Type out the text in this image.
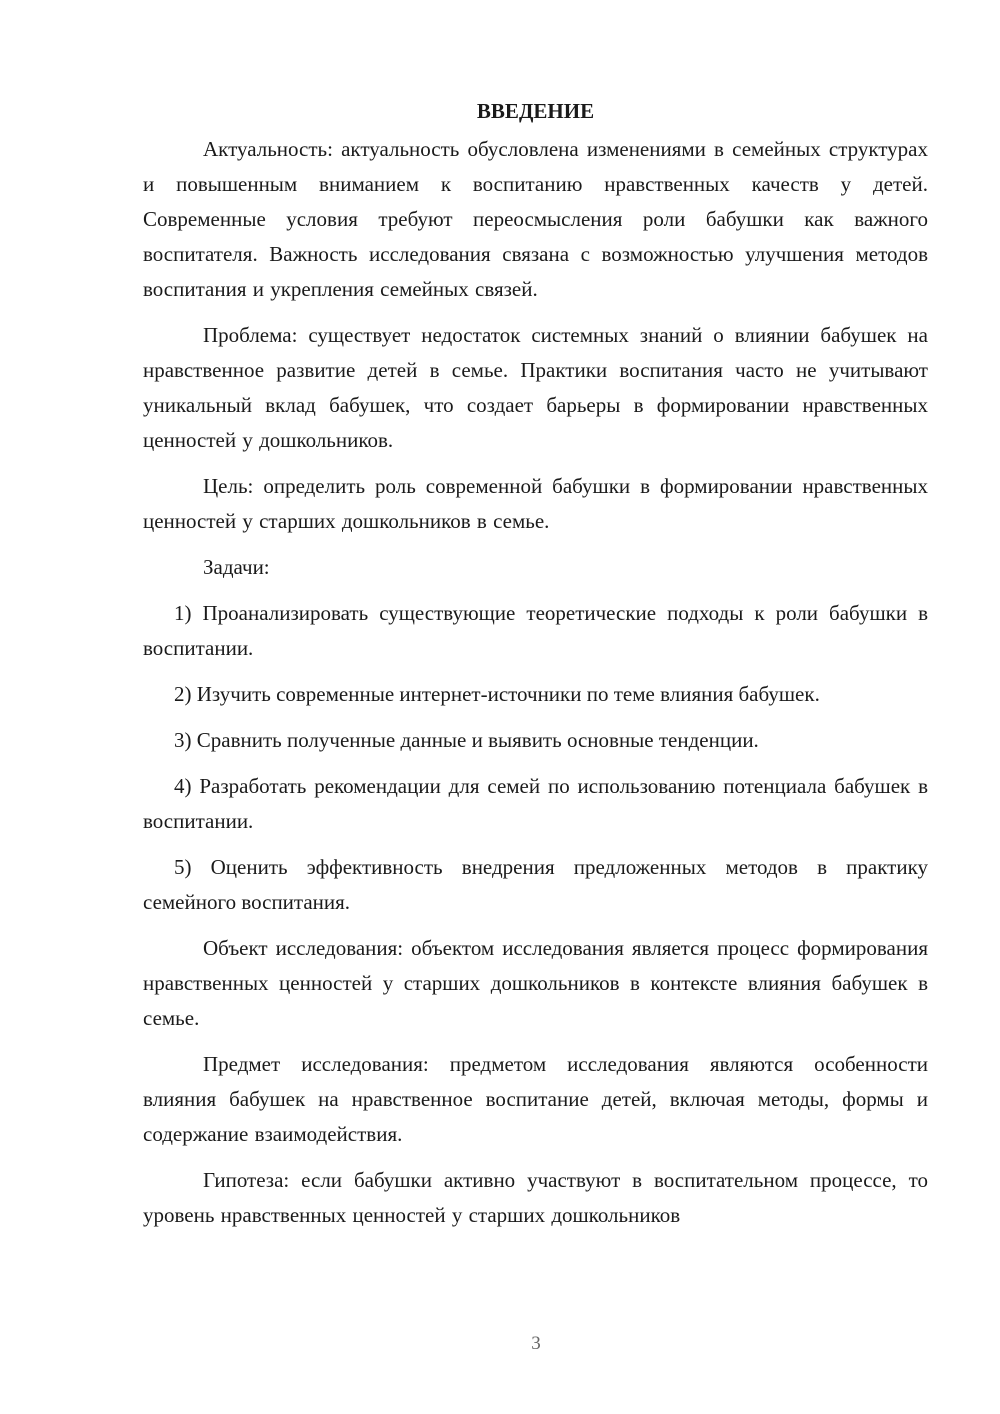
ВВЕДЕНИЕ

Актуальность: актуальность обусловлена изменениями в семейных структурах и повышенным вниманием к воспитанию нравственных качеств у детей. Современные условия требуют переосмысления роли бабушки как важного воспитателя. Важность исследования связана с возможностью улучшения методов воспитания и укрепления семейных связей.

Проблема: существует недостаток системных знаний о влиянии бабушек на нравственное развитие детей в семье. Практики воспитания часто не учитывают уникальный вклад бабушек, что создает барьеры в формировании нравственных ценностей у дошкольников.

Цель: определить роль современной бабушки в формировании нравственных ценностей у старших дошкольников в семье.

Задачи:

1) Проанализировать существующие теоретические подходы к роли бабушки в воспитании.

2) Изучить современные интернет-источники по теме влияния бабушек.

3) Сравнить полученные данные и выявить основные тенденции.

4) Разработать рекомендации для семей по использованию потенциала бабушек в воспитании.

5) Оценить эффективность внедрения предложенных методов в практику семейного воспитания.

Объект исследования: объектом исследования является процесс формирования нравственных ценностей у старших дошкольников в контексте влияния бабушек в семье.

Предмет исследования: предметом исследования являются особенности влияния бабушек на нравственное воспитание детей, включая методы, формы и содержание взаимодействия.

Гипотеза: если бабушки активно участвуют в воспитательном процессе, то уровень нравственных ценностей у старших дошкольников

3
